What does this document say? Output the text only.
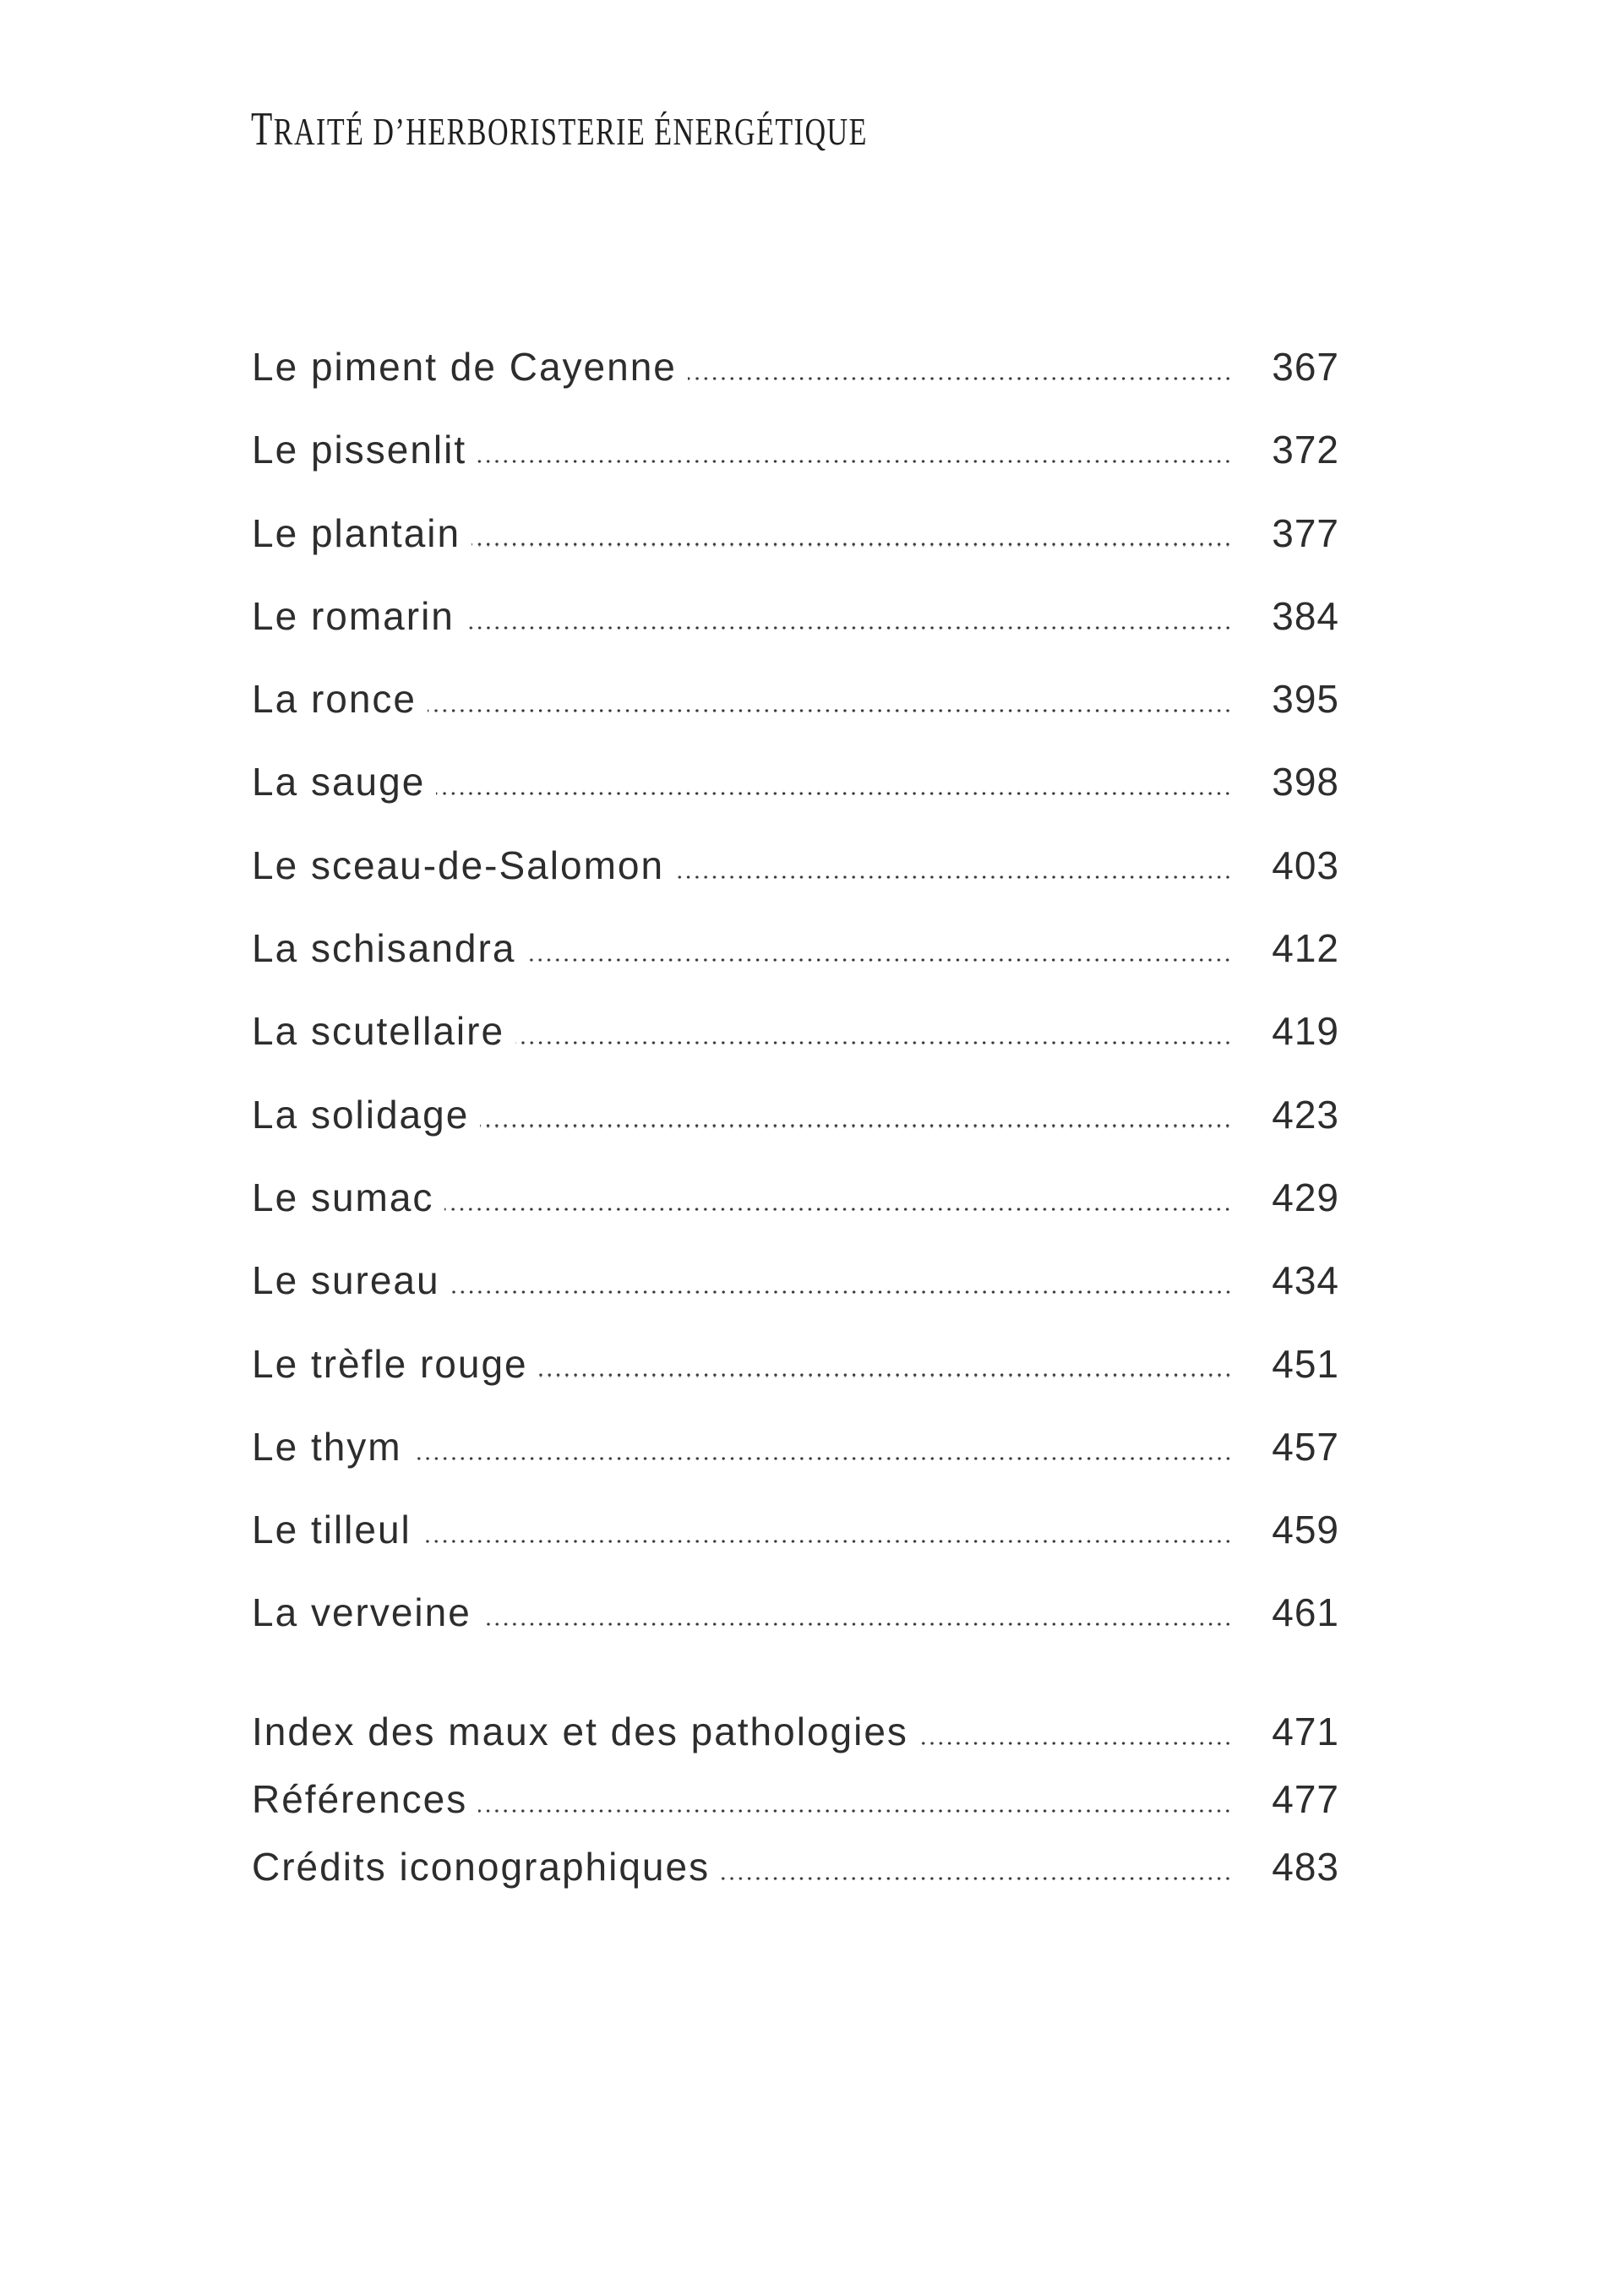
TRAITÉ D’HERBORISTERIE ÉNERGÉTIQUE
Le piment de Cayenne	367
Le pissenlit	372
Le plantain	377
Le romarin	384
La ronce	395
La sauge	398
Le sceau-de-Salomon	403
La schisandra	412
La scutellaire	419
La solidage	423
Le sumac	429
Le sureau	434
Le trèfle rouge	451
Le thym	457
Le tilleul	459
La verveine	461
Index des maux et des pathologies	471
Références	477
Crédits iconographiques	483
